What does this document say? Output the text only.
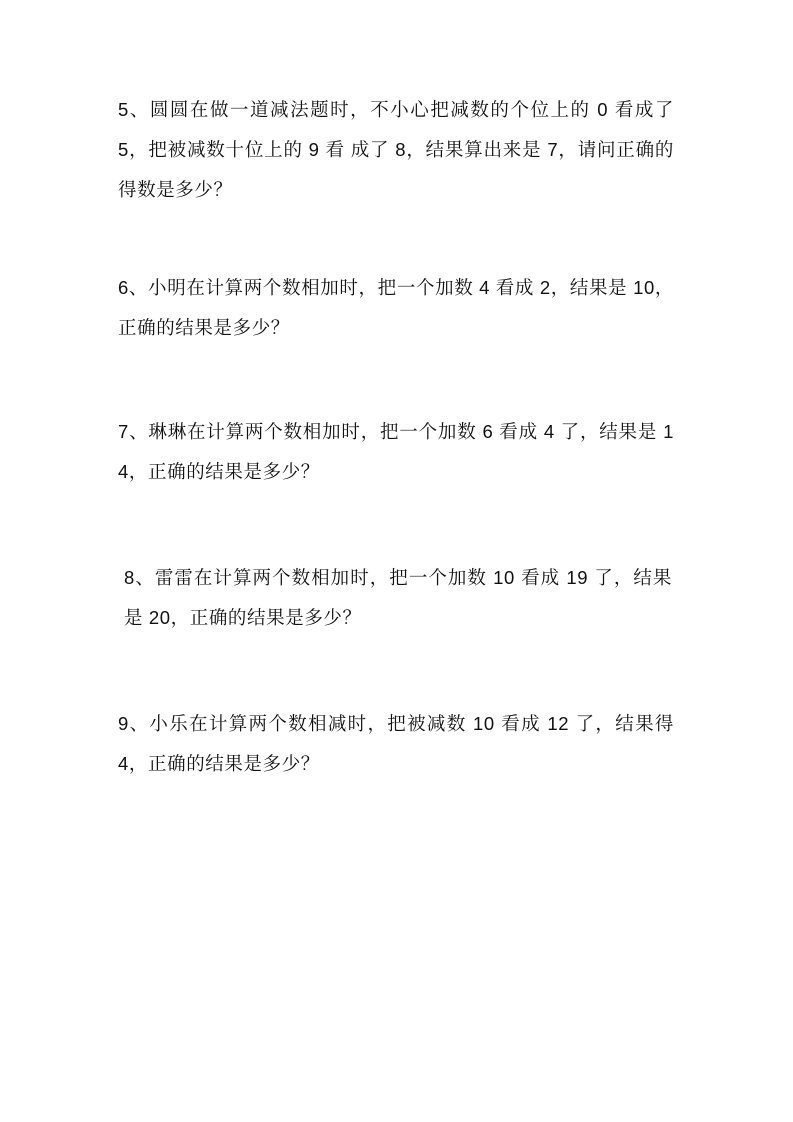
5、圆圆在做一道减法题时，不小心把减数的个位上的 0 看成了 5，把被减数十位上的 9 看 成了 8，结果算出来是 7，请问正确的得数是多少？

6、小明在计算两个数相加时，把一个加数 4 看成 2，结果是 10，正确的结果是多少？

7、琳琳在计算两个数相加时，把一个加数 6 看成 4 了，结果是 14，正确的结果是多少？

8、雷雷在计算两个数相加时，把一个加数 10 看成 19 了，结果是 20，正确的结果是多少？

9、小乐在计算两个数相减时，把被减数 10 看成 12 了，结果得 4，正确的结果是多少？
